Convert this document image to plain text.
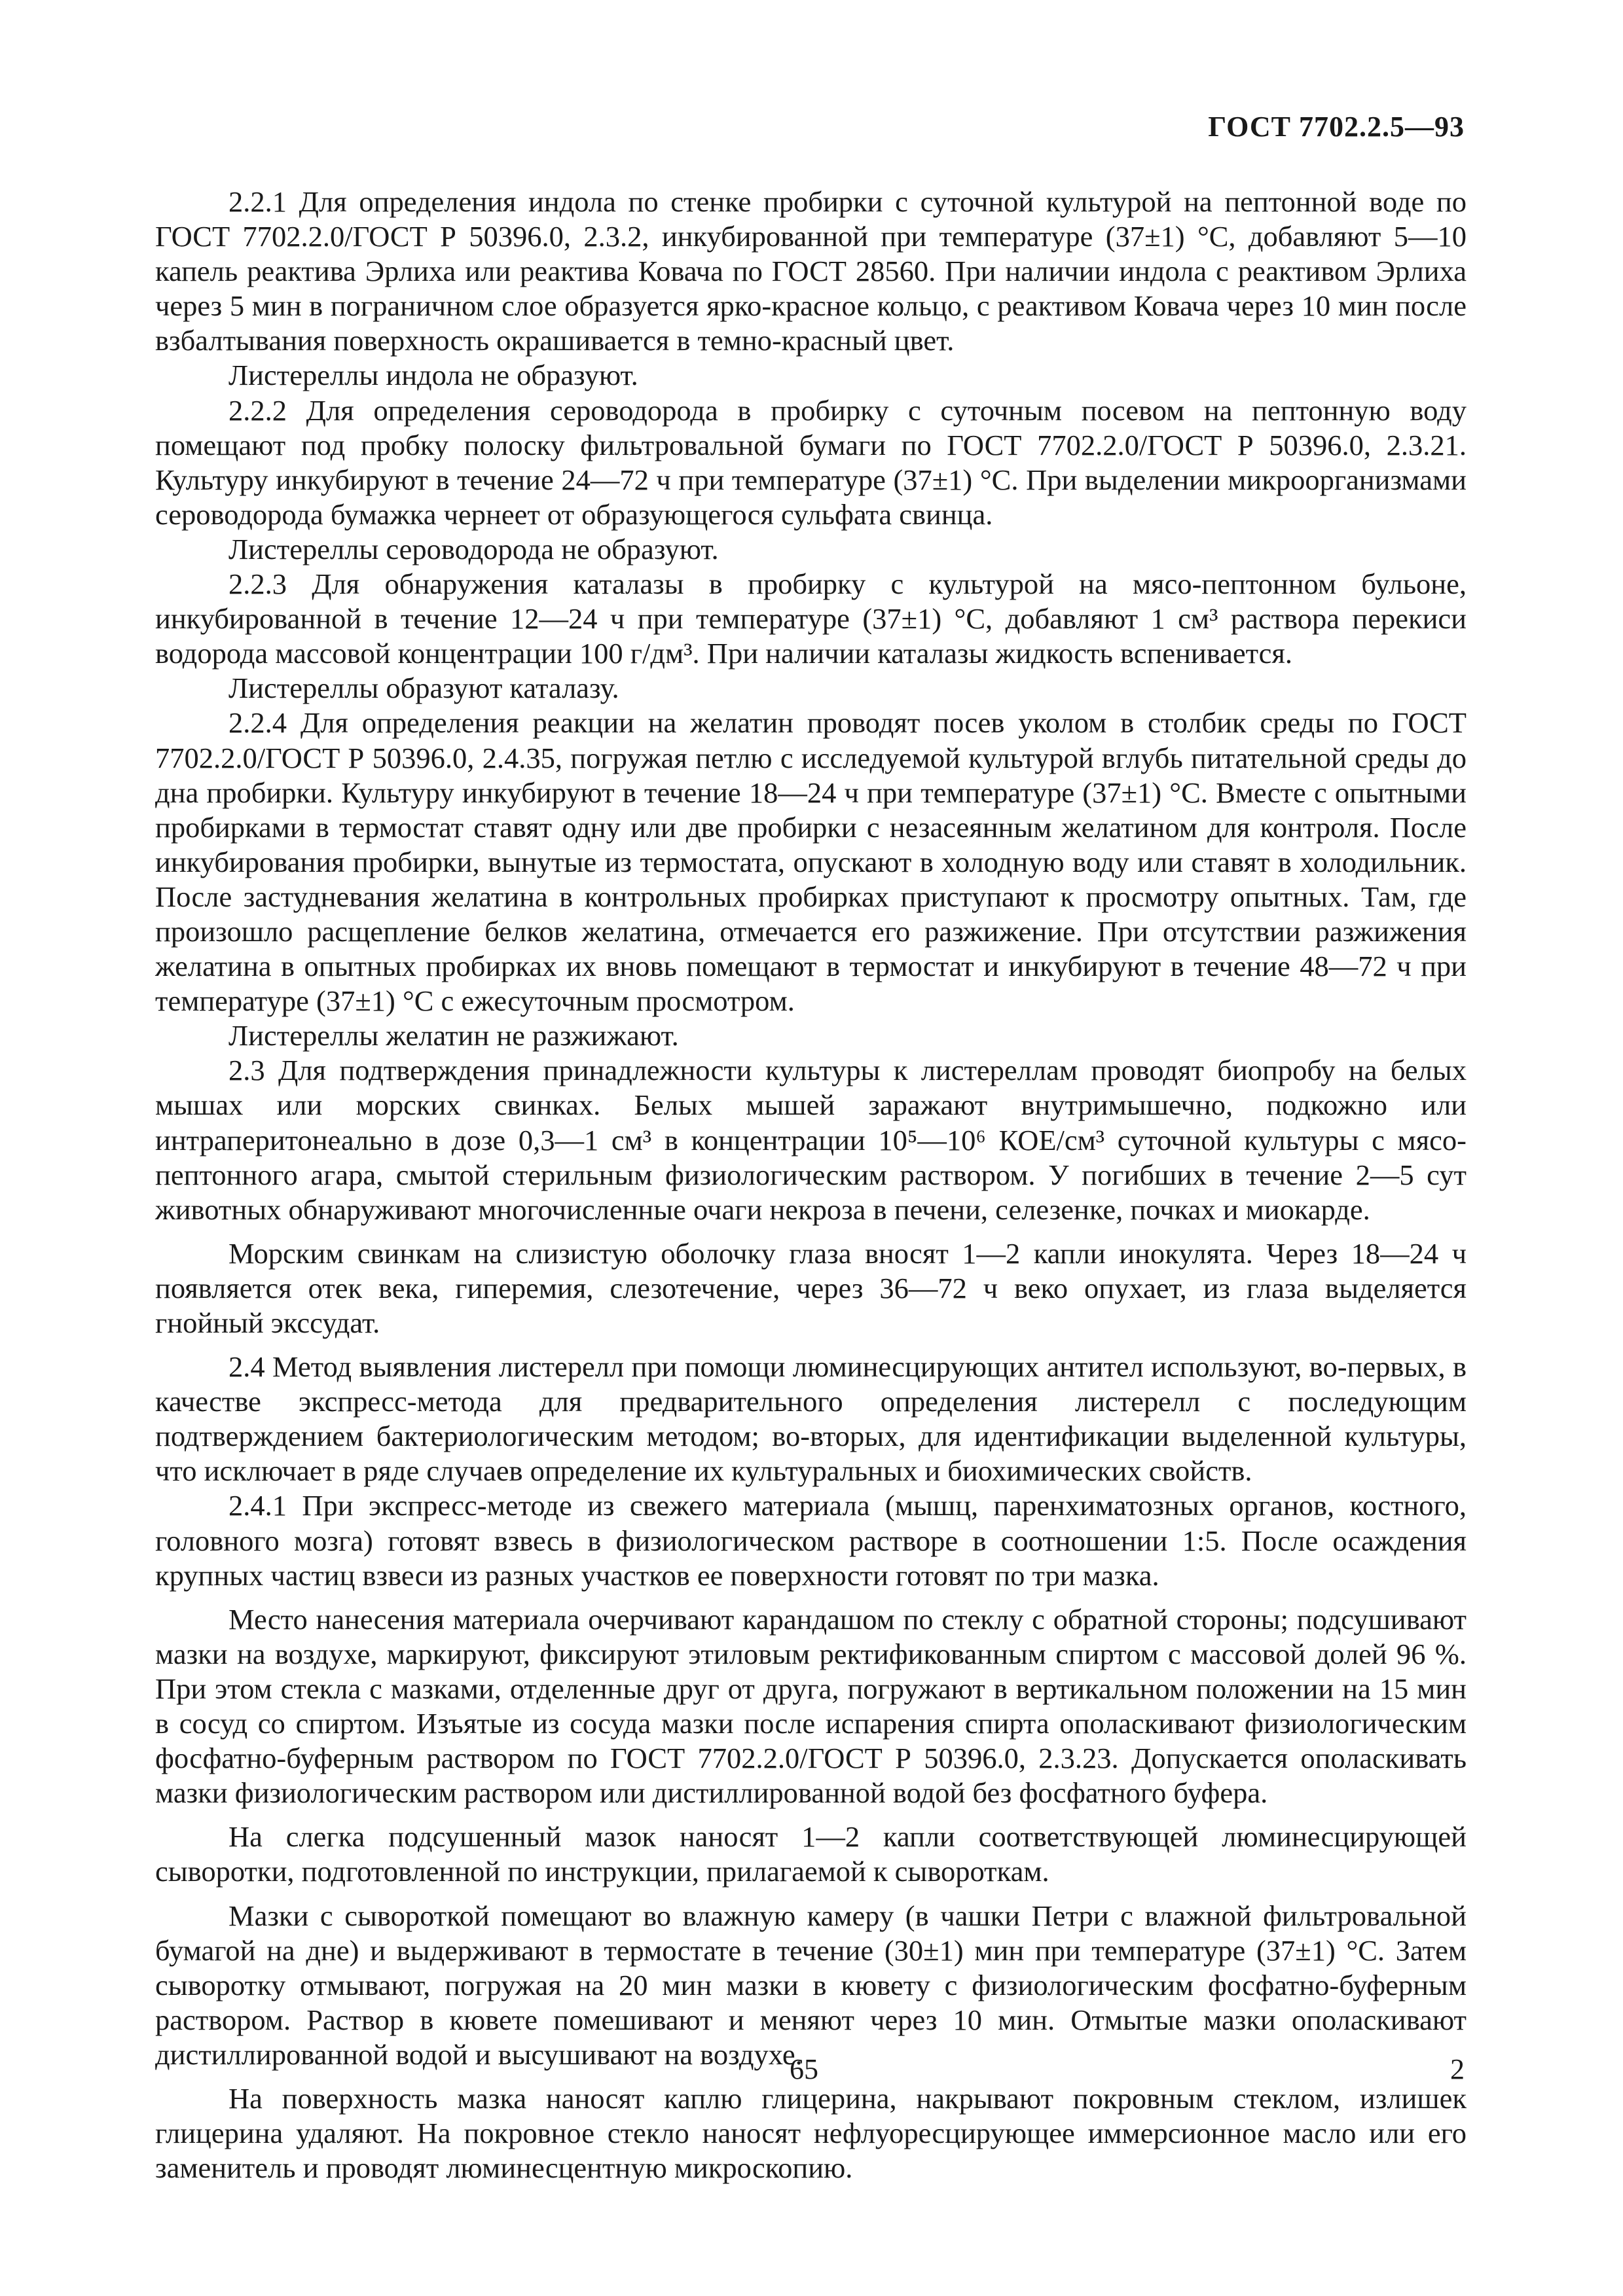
ГОСТ 7702.2.5—93

2.2.1 Для определения индола по стенке пробирки с суточной культурой на пептонной воде по ГОСТ 7702.2.0/ГОСТ Р 50396.0, 2.3.2, инкубированной при температуре (37±1) °С, добавляют 5—10 капель реактива Эрлиха или реактива Ковача по ГОСТ 28560. При наличии индола с реактивом Эрлиха через 5 мин в пограничном слое образуется ярко-красное кольцо, с реактивом Ковача через 10 мин после взбалтывания поверхность окрашивается в темно-красный цвет.

Листереллы индола не образуют.

2.2.2 Для определения сероводорода в пробирку с суточным посевом на пептонную воду помещают под пробку полоску фильтровальной бумаги по ГОСТ 7702.2.0/ГОСТ Р 50396.0, 2.3.21. Культуру инкубируют в течение 24—72 ч при температуре (37±1) °С. При выделении микроорганизмами сероводорода бумажка чернеет от образующегося сульфата свинца.

Листереллы сероводорода не образуют.

2.2.3 Для обнаружения каталазы в пробирку с культурой на мясо-пептонном бульоне, инкубированной в течение 12—24 ч при температуре (37±1) °С, добавляют 1 см³ раствора перекиси водорода массовой концентрации 100 г/дм³. При наличии каталазы жидкость вспенивается.

Листереллы образуют каталазу.

2.2.4 Для определения реакции на желатин проводят посев уколом в столбик среды по ГОСТ 7702.2.0/ГОСТ Р 50396.0, 2.4.35, погружая петлю с исследуемой культурой вглубь питательной среды до дна пробирки. Культуру инкубируют в течение 18—24 ч при температуре (37±1) °С. Вместе с опытными пробирками в термостат ставят одну или две пробирки с незасеянным желатином для контроля. После инкубирования пробирки, вынутые из термостата, опускают в холодную воду или ставят в холодильник. После застудневания желатина в контрольных пробирках приступают к просмотру опытных. Там, где произошло расщепление белков желатина, отмечается его разжижение. При отсутствии разжижения желатина в опытных пробирках их вновь помещают в термостат и инкубируют в течение 48—72 ч при температуре (37±1) °С с ежесуточным просмотром.

Листереллы желатин не разжижают.

2.3 Для подтверждения принадлежности культуры к листереллам проводят биопробу на белых мышах или морских свинках. Белых мышей заражают внутримышечно, подкожно или интраперитонеально в дозе 0,3—1 см³ в концентрации 10⁵—10⁶ КОЕ/см³ суточной культуры с мясо-пептонного агара, смытой стерильным физиологическим раствором. У погибших в течение 2—5 сут животных обнаруживают многочисленные очаги некроза в печени, селезенке, почках и миокарде.

Морским свинкам на слизистую оболочку глаза вносят 1—2 капли инокулята. Через 18—24 ч появляется отек века, гиперемия, слезотечение, через 36—72 ч веко опухает, из глаза выделяется гнойный экссудат.

2.4 Метод выявления листерелл при помощи люминесцирующих антител используют, во-первых, в качестве экспресс-метода для предварительного определения листерелл с последующим подтверждением бактериологическим методом; во-вторых, для идентификации выделенной культуры, что исключает в ряде случаев определение их культуральных и биохимических свойств.

2.4.1 При экспресс-методе из свежего материала (мышц, паренхиматозных органов, костного, головного мозга) готовят взвесь в физиологическом растворе в соотношении 1:5. После осаждения крупных частиц взвеси из разных участков ее поверхности готовят по три мазка.

Место нанесения материала очерчивают карандашом по стеклу с обратной стороны; подсушивают мазки на воздухе, маркируют, фиксируют этиловым ректификованным спиртом с массовой долей 96 %. При этом стекла с мазками, отделенные друг от друга, погружают в вертикальном положении на 15 мин в сосуд со спиртом. Изъятые из сосуда мазки после испарения спирта ополаскивают физиологическим фосфатно-буферным раствором по ГОСТ 7702.2.0/ГОСТ Р 50396.0, 2.3.23. Допускается ополаскивать мазки физиологическим раствором или дистиллированной водой без фосфатного буфера.

На слегка подсушенный мазок наносят 1—2 капли соответствующей люминесцирующей сыворотки, подготовленной по инструкции, прилагаемой к сывороткам.

Мазки с сывороткой помещают во влажную камеру (в чашки Петри с влажной фильтровальной бумагой на дне) и выдерживают в термостате в течение (30±1) мин при температуре (37±1) °С. Затем сыворотку отмывают, погружая на 20 мин мазки в кювету с физиологическим фосфатно-буферным раствором. Раствор в кювете помешивают и меняют через 10 мин. Отмытые мазки ополаскивают дистиллированной водой и высушивают на воздухе.

На поверхность мазка наносят каплю глицерина, накрывают покровным стеклом, излишек глицерина удаляют. На покровное стекло наносят нефлуоресцирующее иммерсионное масло или его заменитель и проводят люминесцентную микроскопию.

65	2
